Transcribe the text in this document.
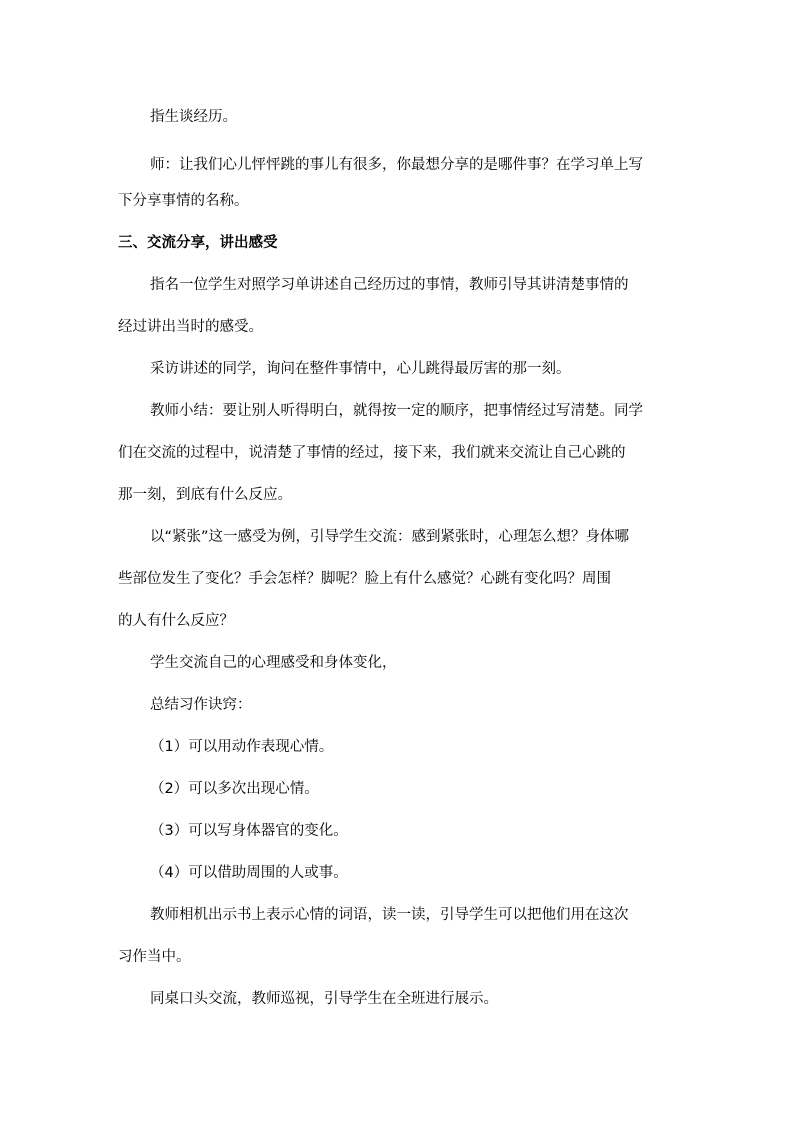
指生谈经历。
师：让我们心儿怦怦跳的事儿有很多，你最想分享的是哪件事？在学习单上写
下分享事情的名称。
三、交流分享，讲出感受
指名一位学生对照学习单讲述自己经历过的事情，教师引导其讲清楚事情的
经过讲出当时的感受。
采访讲述的同学，询问在整件事情中，心儿跳得最厉害的那一刻。
教师小结：要让别人听得明白，就得按一定的顺序，把事情经过写清楚。同学
们在交流的过程中，说清楚了事情的经过，接下来，我们就来交流让自己心跳的
那一刻，到底有什么反应。
以“紧张”这一感受为例，引导学生交流：感到紧张时，心理怎么想？身体哪
些部位发生了变化？手会怎样？脚呢？脸上有什么感觉？心跳有变化吗？周围
的人有什么反应？
学生交流自己的心理感受和身体变化，
总结习作诀窍：
（1）可以用动作表现心情。
（2）可以多次出现心情。
（3）可以写身体器官的变化。
（4）可以借助周围的人或事。
教师相机出示书上表示心情的词语，读一读，引导学生可以把他们用在这次
习作当中。
同桌口头交流，教师巡视，引导学生在全班进行展示。
